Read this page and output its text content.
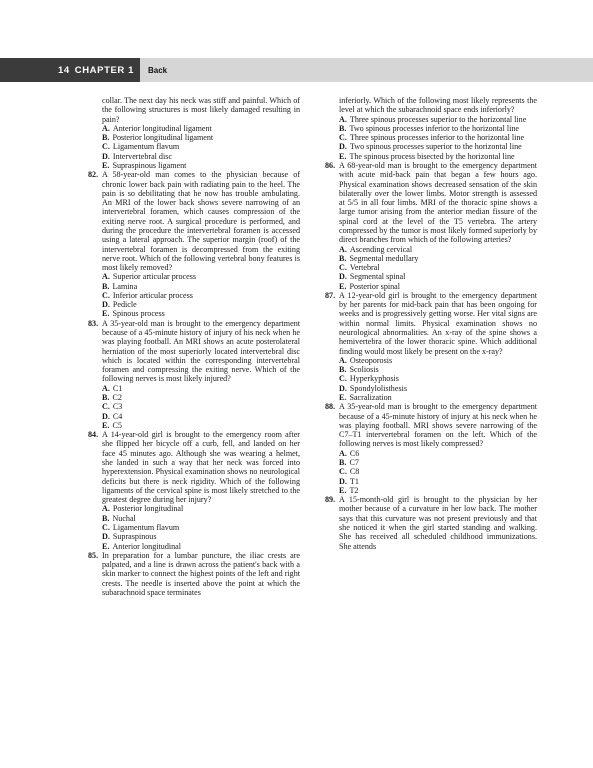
14 CHAPTER 1 Back
collar. The next day his neck was stiff and painful. Which of the following structures is most likely damaged resulting in pain?
A. Anterior longitudinal ligament
B. Posterior longitudinal ligament
C. Ligamentum flavum
D. Intervertebral disc
E. Supraspinous ligament
82. A 58-year-old man comes to the physician because of chronic lower back pain with radiating pain to the heel. The pain is so debilitating that he now has trouble ambulating. An MRI of the lower back shows severe narrowing of an intervertebral foramen, which causes compression of the exiting nerve root. A surgical procedure is performed, and during the procedure the intervertebral foramen is accessed using a lateral approach. The superior margin (roof) of the intervertebral foramen is decompressed from the exiting nerve root. Which of the following vertebral bony features is most likely removed?
A. Superior articular process
B. Lamina
C. Inferior articular process
D. Pedicle
E. Spinous process
83. A 35-year-old man is brought to the emergency department because of a 45-minute history of injury of his neck when he was playing football. An MRI shows an acute posterolateral herniation of the most superiorly located intervertebral disc which is located within the corresponding intervertebral foramen and compressing the exiting nerve. Which of the following nerves is most likely injured?
A. C1
B. C2
C. C3
D. C4
E. C5
84. A 14-year-old girl is brought to the emergency room after she flipped her bicycle off a curb, fell, and landed on her face 45 minutes ago. Although she was wearing a helmet, she landed in such a way that her neck was forced into hyperextension. Physical examination shows no neurological deficits but there is neck rigidity. Which of the following ligaments of the cervical spine is most likely stretched to the greatest degree during her injury?
A. Posterior longitudinal
B. Nuchal
C. Ligamentum flavum
D. Supraspinous
E. Anterior longitudinal
85. In preparation for a lumbar puncture, the iliac crests are palpated, and a line is drawn across the patient's back with a skin marker to connect the highest points of the left and right crests. The needle is inserted above the point at which the subarachnoid space terminates
inferiorly. Which of the following most likely represents the level at which the subarachnoid space ends inferiorly?
A. Three spinous processes superior to the horizontal line
B. Two spinous processes inferior to the horizontal line
C. Three spinous processes inferior to the horizontal line
D. Two spinous processes superior to the horizontal line
E. The spinous process bisected by the horizontal line
86. A 68-year-old man is brought to the emergency department with acute mid-back pain that began a few hours ago. Physical examination shows decreased sensation of the skin bilaterally over the lower limbs. Motor strength is assessed at 5/5 in all four limbs. MRI of the thoracic spine shows a large tumor arising from the anterior median fissure of the spinal cord at the level of the T5 vertebra. The artery compressed by the tumor is most likely formed superiorly by direct branches from which of the following arteries?
A. Ascending cervical
B. Segmental medullary
C. Vertebral
D. Segmental spinal
E. Posterior spinal
87. A 12-year-old girl is brought to the emergency department by her parents for mid-back pain that has been ongoing for weeks and is progressively getting worse. Her vital signs are within normal limits. Physical examination shows no neurological abnormalities. An x-ray of the spine shows a hemivertebra of the lower thoracic spine. Which additional finding would most likely be present on the x-ray?
A. Osteoporosis
B. Scoliosis
C. Hyperkyphosis
D. Spondylolisthesis
E. Sacralization
88. A 35-year-old man is brought to the emergency department because of a 45-minute history of injury at his neck when he was playing football. MRI shows severe narrowing of the C7–T1 intervertebral foramen on the left. Which of the following nerves is most likely compressed?
A. C6
B. C7
C. C8
D. T1
E. T2
89. A 15-month-old girl is brought to the physician by her mother because of a curvature in her low back. The mother says that this curvature was not present previously and that she noticed it when the girl started standing and walking. She has received all scheduled childhood immunizations. She attends
